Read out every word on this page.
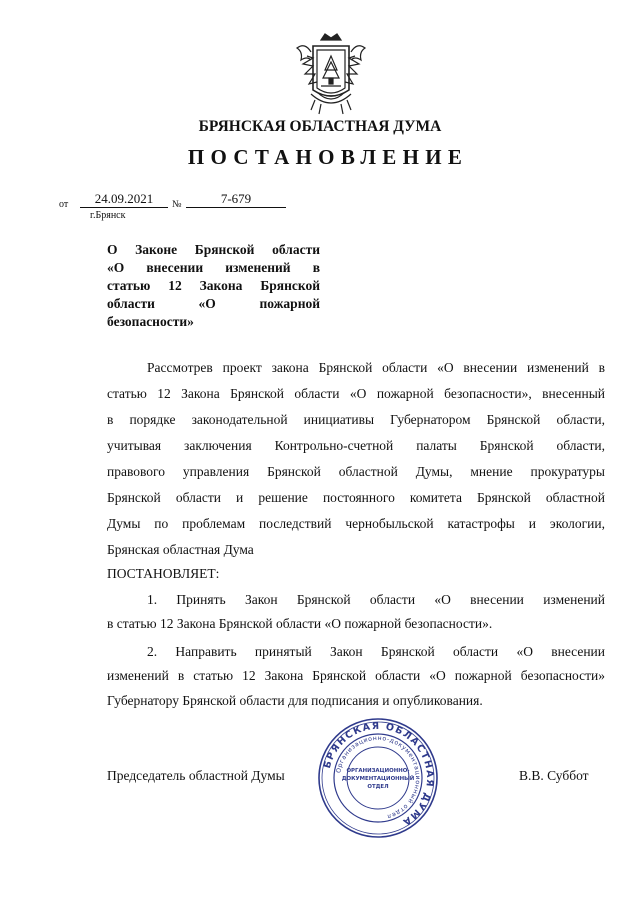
БРЯНСКАЯ ОБЛАСТНАЯ ДУМА
ПОСТАНОВЛЕНИЕ
от	24.09.2021	№	7-679
г.Брянск
О Законе Брянской области
«О внесении изменений в
статью 12 Закона Брянской
области «О пожарной
безопасности»
Рассмотрев проект закона Брянской области «О внесении изменений в
статью 12 Закона Брянской области «О пожарной безопасности», внесенный
в порядке законодательной инициативы Губернатором Брянской области,
учитывая заключения Контрольно-счетной палаты Брянской области,
правового управления Брянской областной Думы, мнение прокуратуры
Брянской области и решение постоянного комитета Брянской областной
Думы по проблемам последствий чернобыльской катастрофы и экологии,
Брянская областная Дума
ПОСТАНОВЛЯЕТ:
1. Принять Закон Брянской области «О внесении изменений
в статью 12 Закона Брянской области «О пожарной безопасности».
2. Направить принятый Закон Брянской области «О внесении
изменений в статью 12 Закона Брянской области «О пожарной безопасности»
Губернатору Брянской области для подписания и опубликования.
Председатель областной Думы	В.В. Суббот
БРЯНСКАЯ ОБЛАСТНАЯ ДУМА
Организационно-документационный отдел
ОРГАНИЗАЦИОННО-
ДОКУМЕНТАЦИОННЫЙ
ОТДЕЛ
